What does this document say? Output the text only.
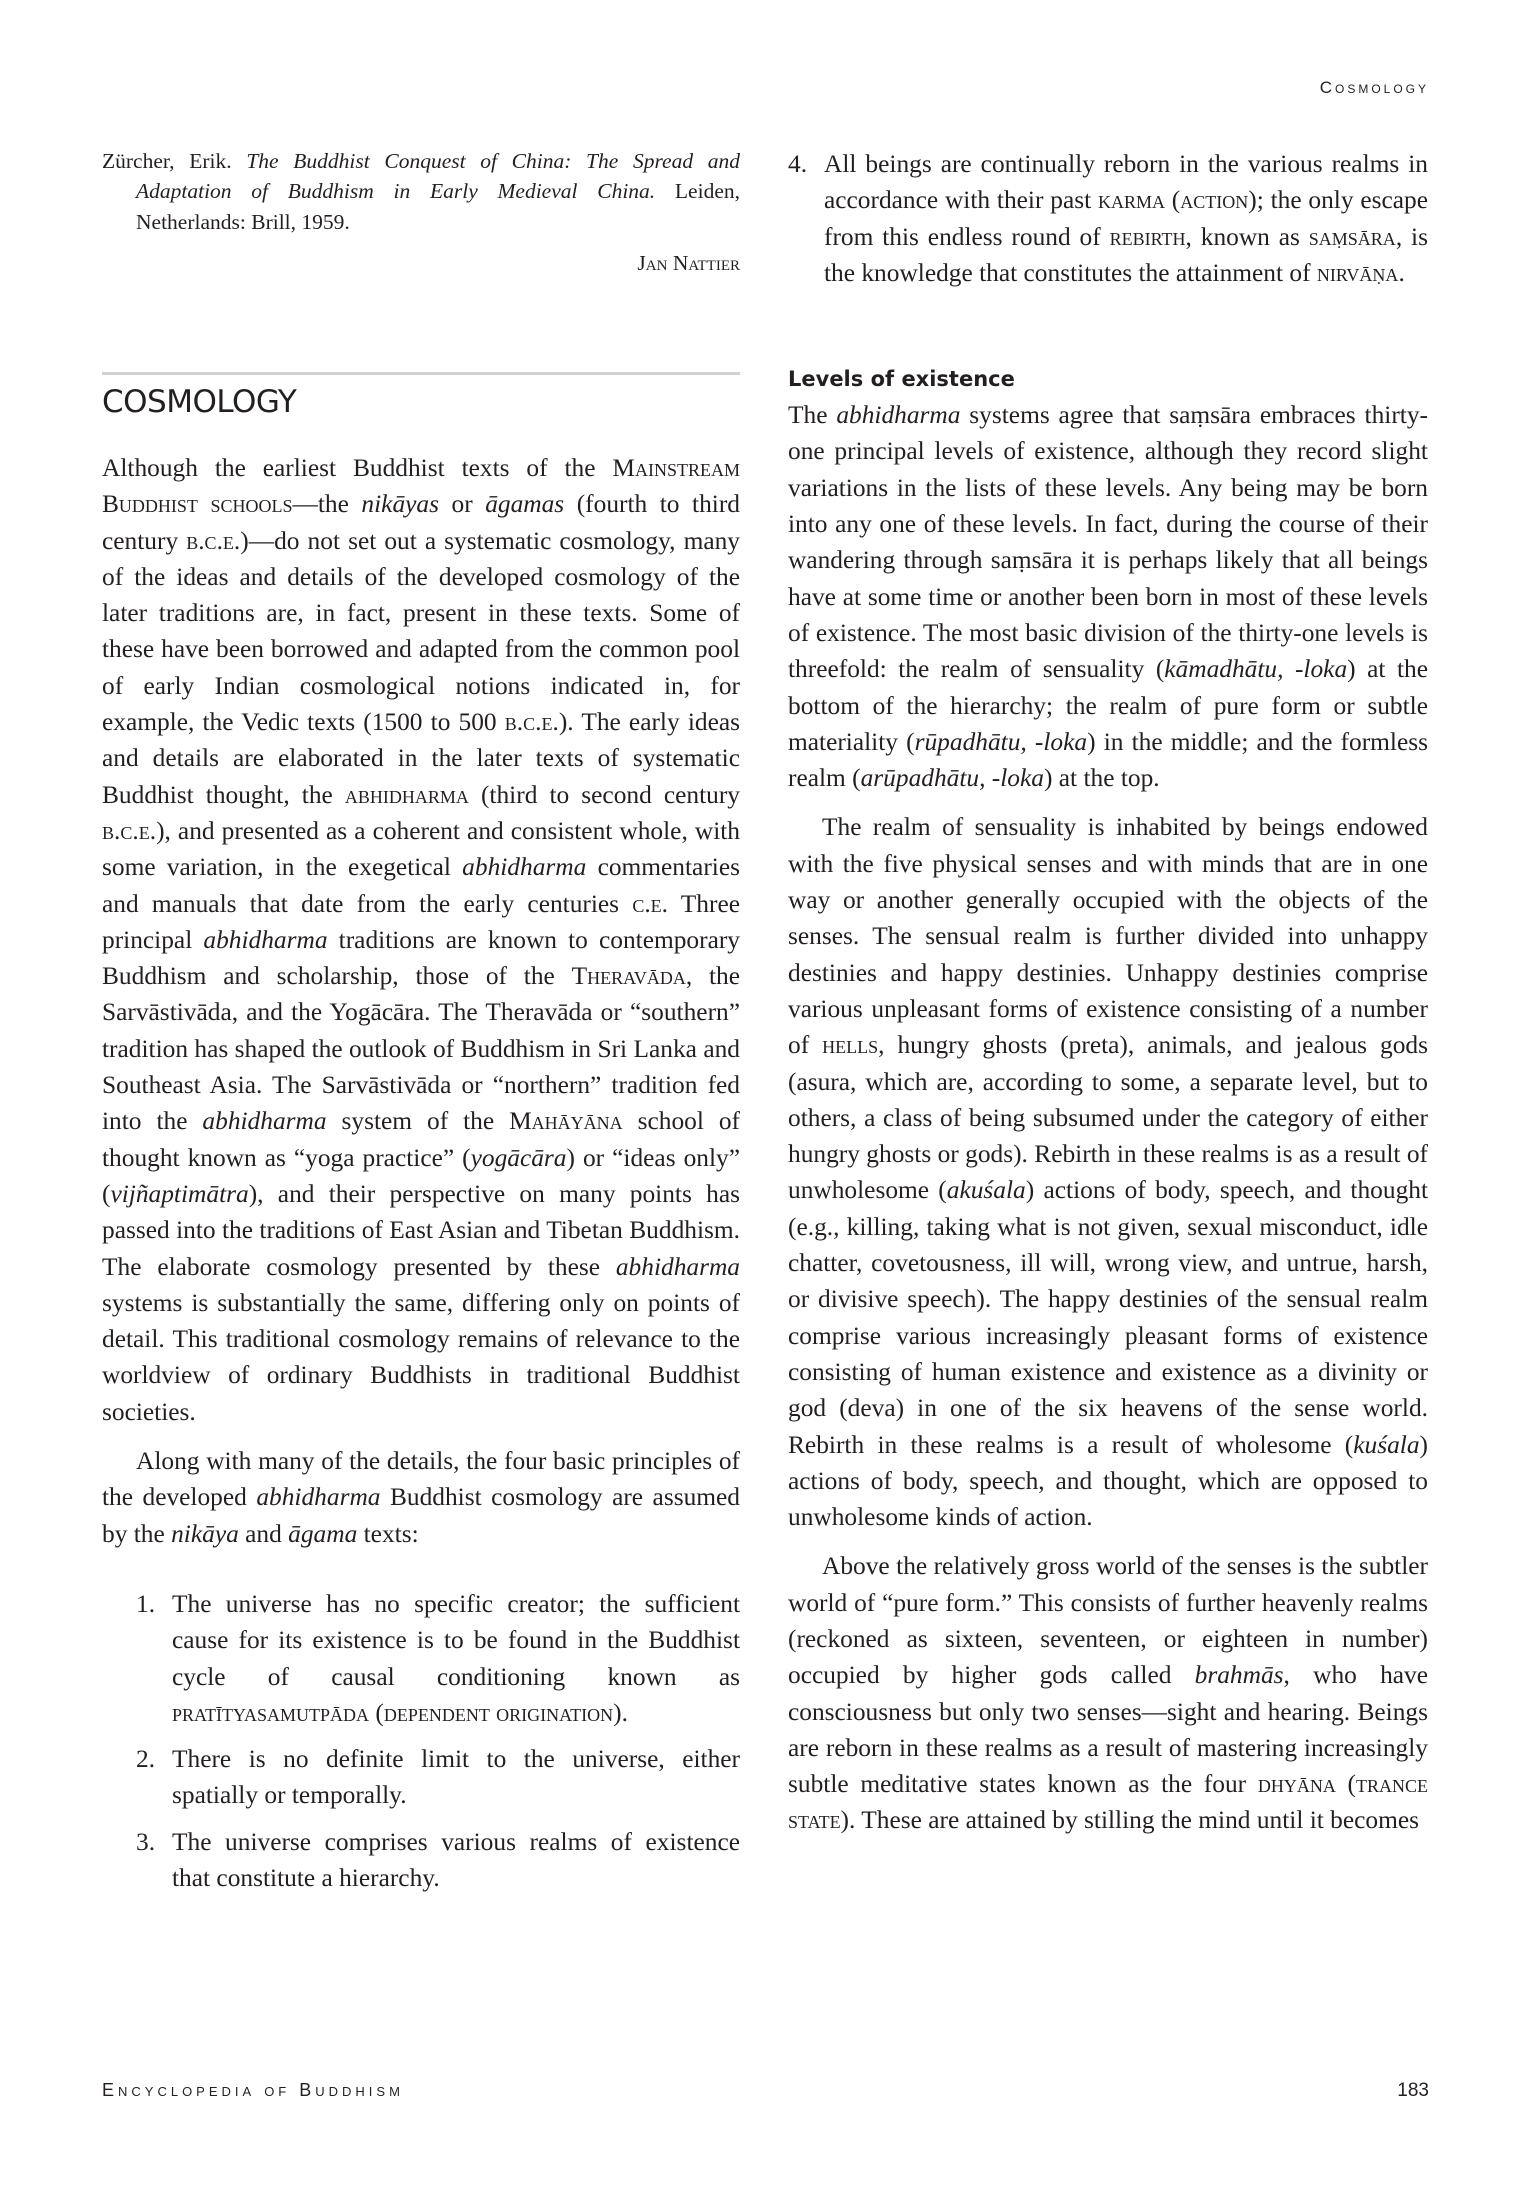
Cosmology
Zürcher, Erik. The Buddhist Conquest of China: The Spread and Adaptation of Buddhism in Early Medieval China. Leiden, Netherlands: Brill, 1959.
Jan Nattier
COSMOLOGY

Although the earliest Buddhist texts of the Mainstream Buddhist schools—the nikāyas or āgamas (fourth to third century b.c.e.)—do not set out a systematic cosmology, many of the ideas and details of the developed cosmology of the later traditions are, in fact, present in these texts. Some of these have been borrowed and adapted from the common pool of early Indian cosmological notions indicated in, for example, the Vedic texts (1500 to 500 b.c.e.). The early ideas and details are elaborated in the later texts of systematic Buddhist thought, the abhidharma (third to second century b.c.e.), and presented as a coherent and consistent whole, with some variation, in the exegetical abhidharma commentaries and manuals that date from the early centuries c.e. Three principal abhidharma traditions are known to contemporary Buddhism and scholarship, those of the Theravāda, the Sarvāstivāda, and the Yogācāra. The Theravāda or “southern” tradition has shaped the outlook of Buddhism in Sri Lanka and Southeast Asia. The Sarvāstivāda or “northern” tradition fed into the abhidharma system of the Mahāyāna school of thought known as “yoga practice” (yogācāra) or “ideas only” (vijñaptimātra), and their perspective on many points has passed into the traditions of East Asian and Tibetan Buddhism. The elaborate cosmology presented by these abhidharma systems is substantially the same, differing only on points of detail. This traditional cosmology remains of relevance to the worldview of ordinary Buddhists in traditional Buddhist societies.

Along with many of the details, the four basic principles of the developed abhidharma Buddhist cosmology are assumed by the nikāya and āgama texts:

1. The universe has no specific creator; the sufficient cause for its existence is to be found in the Buddhist cycle of causal conditioning known as pratītyasamutpāda (dependent origination).
2. There is no definite limit to the universe, either spatially or temporally.
3. The universe comprises various realms of existence that constitute a hierarchy.
4. All beings are continually reborn in the various realms in accordance with their past karma (action); the only escape from this endless round of rebirth, known as saṃsāra, is the knowledge that constitutes the attainment of nirvāṇa.
Levels of existence

The abhidharma systems agree that saṃsāra embraces thirty-one principal levels of existence, although they record slight variations in the lists of these levels. Any being may be born into any one of these levels. In fact, during the course of their wandering through saṃsāra it is perhaps likely that all beings have at some time or another been born in most of these levels of existence. The most basic division of the thirty-one levels is threefold: the realm of sensuality (kāmadhātu, -loka) at the bottom of the hierarchy; the realm of pure form or subtle materiality (rūpadhātu, -loka) in the middle; and the formless realm (arūpadhātu, -loka) at the top.

The realm of sensuality is inhabited by beings endowed with the five physical senses and with minds that are in one way or another generally occupied with the objects of the senses. The sensual realm is further divided into unhappy destinies and happy destinies. Unhappy destinies comprise various unpleasant forms of existence consisting of a number of hells, hungry ghosts (preta), animals, and jealous gods (asura, which are, according to some, a separate level, but to others, a class of being subsumed under the category of either hungry ghosts or gods). Rebirth in these realms is as a result of unwholesome (akuśala) actions of body, speech, and thought (e.g., killing, taking what is not given, sexual misconduct, idle chatter, covetousness, ill will, wrong view, and untrue, harsh, or divisive speech). The happy destinies of the sensual realm comprise various increasingly pleasant forms of existence consisting of human existence and existence as a divinity or god (deva) in one of the six heavens of the sense world. Rebirth in these realms is a result of wholesome (kuśala) actions of body, speech, and thought, which are opposed to unwholesome kinds of action.

Above the relatively gross world of the senses is the subtler world of “pure form.” This consists of further heavenly realms (reckoned as sixteen, seventeen, or eighteen in number) occupied by higher gods called brahmās, who have consciousness but only two senses—sight and hearing. Beings are reborn in these realms as a result of mastering increasingly subtle meditative states known as the four dhyāna (trance state). These are attained by stilling the mind until it becomes

Encyclopedia of Buddhism	183
